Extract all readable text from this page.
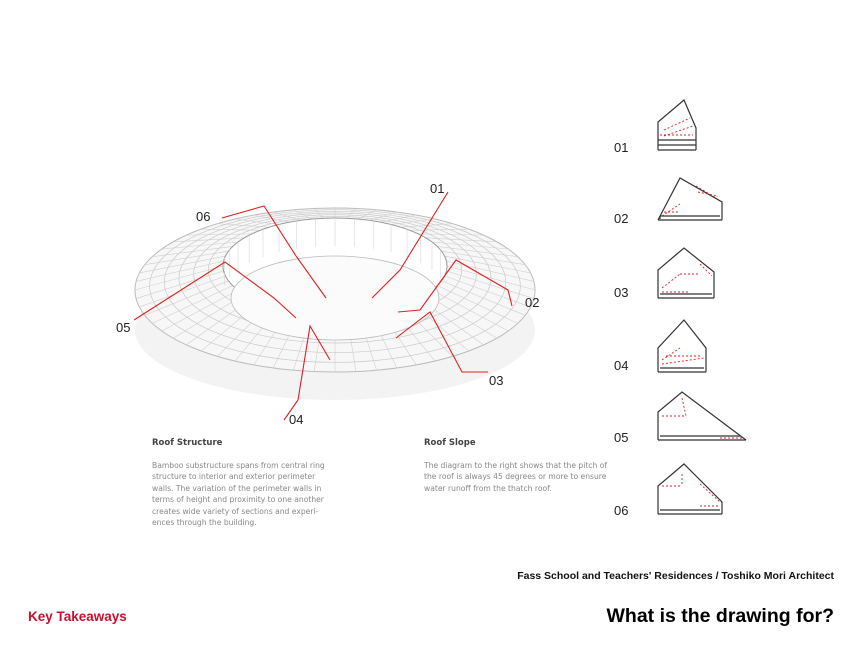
01
02
03
04
05
06
01
02
03
04
05
06
Roof Structure
Bamboo substructure spans from central ring
structure to interior and exterior perimeter
walls. The variation of the perimeter walls in
terms of height and proximity to one another
creates wide variety of sections and experi-
ences through the building.
Roof Slope
The diagram to the right shows that the pitch of
the roof is always 45 degrees or more to ensure
water runoff from the thatch roof.
Fass School and Teachers' Residences / Toshiko Mori Architect
Key Takeaways	What is the drawing for?
